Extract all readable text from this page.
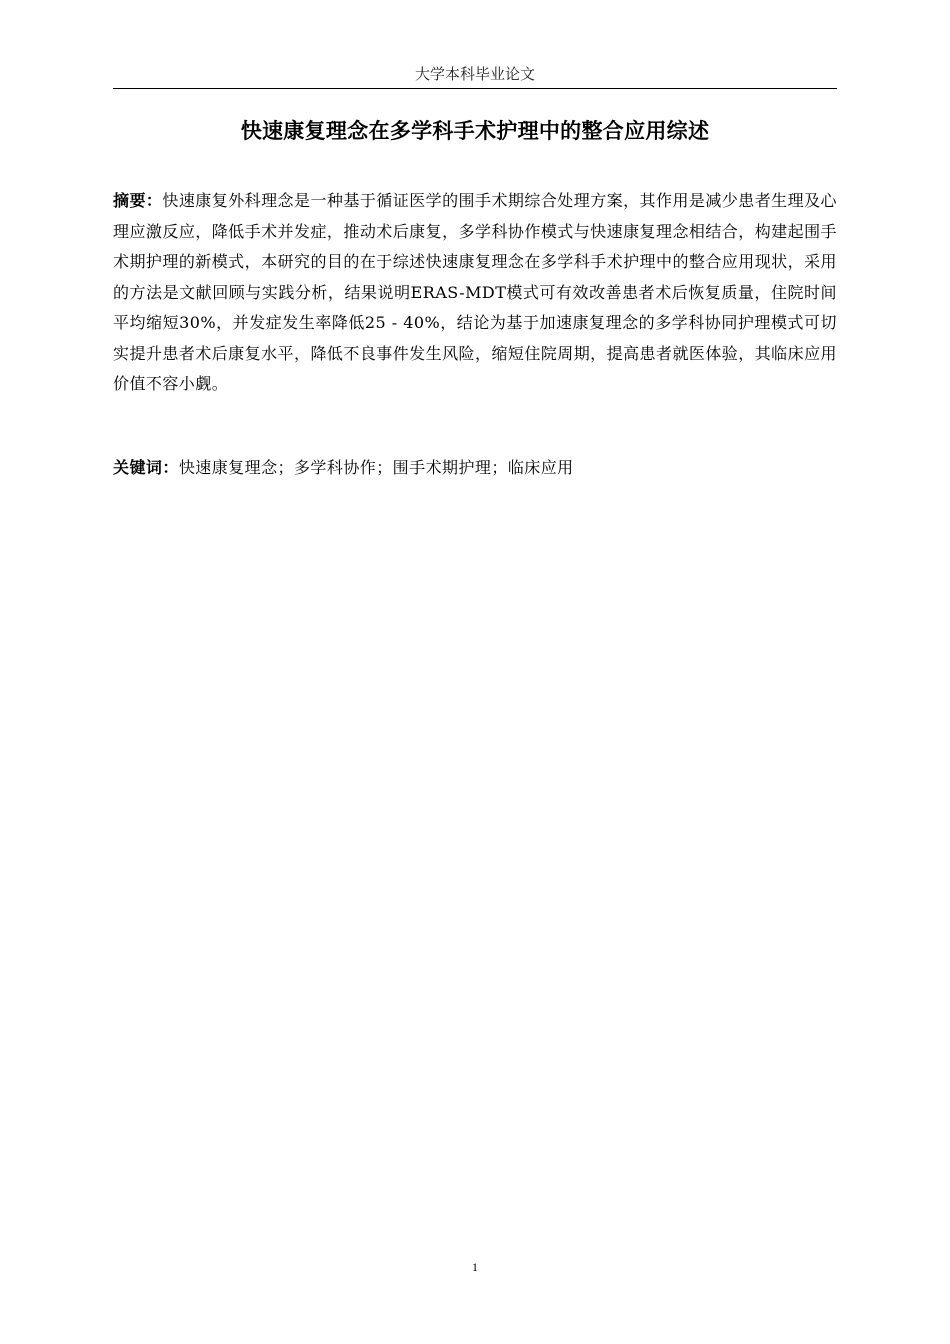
大学本科毕业论文
快速康复理念在多学科手术护理中的整合应用综述

摘要：快速康复外科理念是一种基于循证医学的围手术期综合处理方案，其作用是减少患者生理及心理应激反应，降低手术并发症，推动术后康复，多学科协作模式与快速康复理念相结合，构建起围手术期护理的新模式，本研究的目的在于综述快速康复理念在多学科手术护理中的整合应用现状，采用的方法是文献回顾与实践分析，结果说明ERAS-MDT模式可有效改善患者术后恢复质量，住院时间平均缩短30%，并发症发生率降低25 - 40%，结论为基于加速康复理念的多学科协同护理模式可切实提升患者术后康复水平，降低不良事件发生风险，缩短住院周期，提高患者就医体验，其临床应用价值不容小觑。

关键词：快速康复理念；多学科协作；围手术期护理；临床应用

1
